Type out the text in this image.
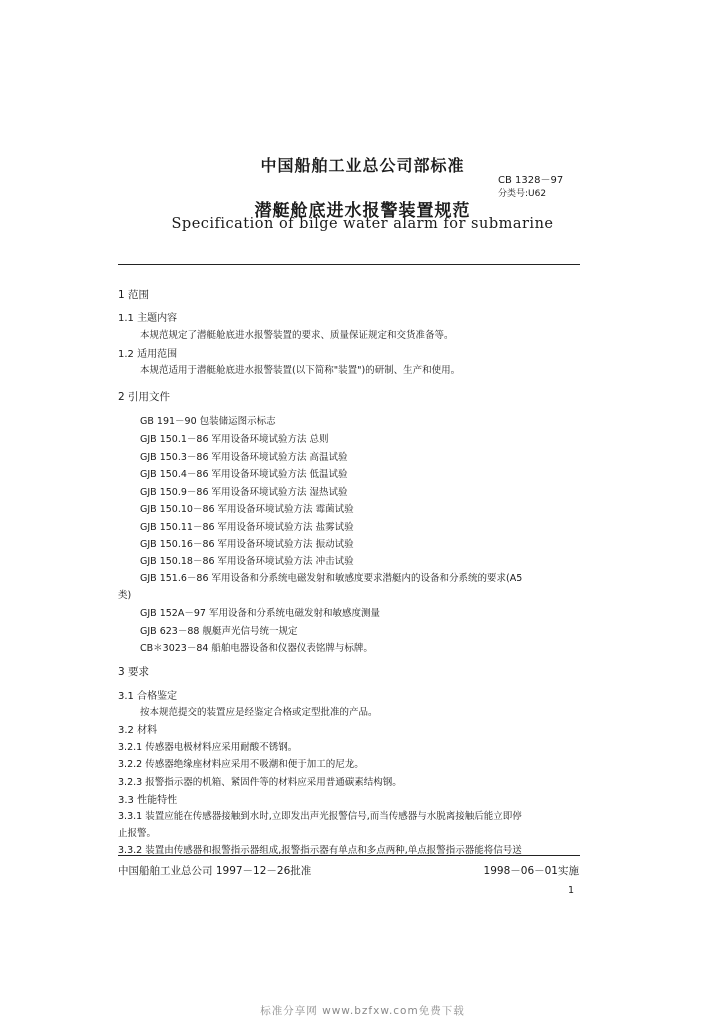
中国船舶工业总公司部标准
CB 1328－97
分类号:U62
潜艇舱底进水报警装置规范
Specification of bilge water alarm for submarine
1 范围
1.1 主题内容
本规范规定了潜艇舱底进水报警装置的要求、质量保证规定和交货准备等。
1.2 适用范围
本规范适用于潜艇舱底进水报警装置(以下简称"装置")的研制、生产和使用。
2 引用文件
GB 191－90 包装储运图示标志
GJB 150.1－86 军用设备环境试验方法 总则
GJB 150.3－86 军用设备环境试验方法 高温试验
GJB 150.4－86 军用设备环境试验方法 低温试验
GJB 150.9－86 军用设备环境试验方法 湿热试验
GJB 150.10－86 军用设备环境试验方法 霉菌试验
GJB 150.11－86 军用设备环境试验方法 盐雾试验
GJB 150.16－86 军用设备环境试验方法 振动试验
GJB 150.18－86 军用设备环境试验方法 冲击试验
GJB 151.6－86 军用设备和分系统电磁发射和敏感度要求潜艇内的设备和分系统的要求(A5
类)
GJB 152A－97 军用设备和分系统电磁发射和敏感度测量
GJB 623－88 舰艇声光信号统一规定
CB＊3023－84 船舶电器设备和仪器仪表铭牌与标牌。
3 要求
3.1 合格鉴定
按本规范提交的装置应是经鉴定合格或定型批准的产品。
3.2 材料
3.2.1 传感器电极材料应采用耐酸不锈钢。
3.2.2 传感器绝缘座材料应采用不吸潮和便于加工的尼龙。
3.2.3 报警指示器的机箱、紧固件等的材料应采用普通碳素结构钢。
3.3 性能特性
3.3.1 装置应能在传感器接触到水时,立即发出声光报警信号,而当传感器与水脱离接触后能立即停
止报警。
3.3.2 装置由传感器和报警指示器组成,报警指示器有单点和多点两种,单点报警指示器能将信号送
中国船舶工业总公司 1997－12－26批准	1998－06－01实施
1
标准分享网 www.bzfxw.com免费下载
